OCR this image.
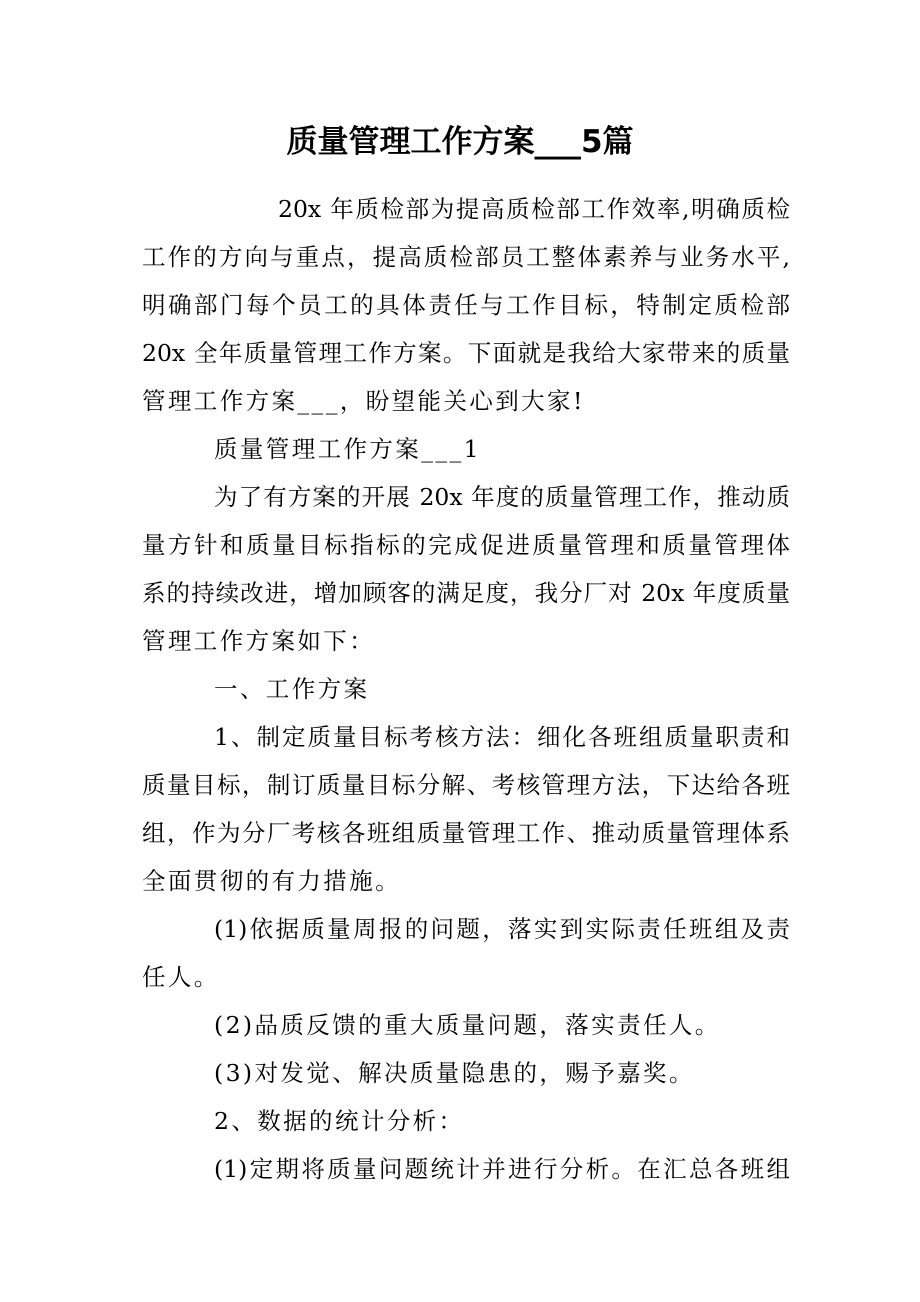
质量管理工作方案___5篇
20x 年质检部为提高质检部工作效率,明确质检
工作的方向与重点，提高质检部员工整体素养与业务水平,
明确部门每个员工的具体责任与工作目标，特制定质检部
20x 全年质量管理工作方案。下面就是我给大家带来的质量
管理工作方案___，盼望能关心到大家!
质量管理工作方案___1
为了有方案的开展 20x 年度的质量管理工作，推动质
量方针和质量目标指标的完成促进质量管理和质量管理体
系的持续改进，增加顾客的满足度，我分厂对 20x 年度质量
管理工作方案如下：
一、工作方案
1、制定质量目标考核方法：细化各班组质量职责和
质量目标，制订质量目标分解、考核管理方法，下达给各班
组，作为分厂考核各班组质量管理工作、推动质量管理体系
全面贯彻的有力措施。
(1)依据质量周报的问题，落实到实际责任班组及责
任人。
(2)品质反馈的重大质量问题，落实责任人。
(3)对发觉、解决质量隐患的，赐予嘉奖。
2、数据的统计分析：
(1)定期将质量问题统计并进行分析。在汇总各班组
